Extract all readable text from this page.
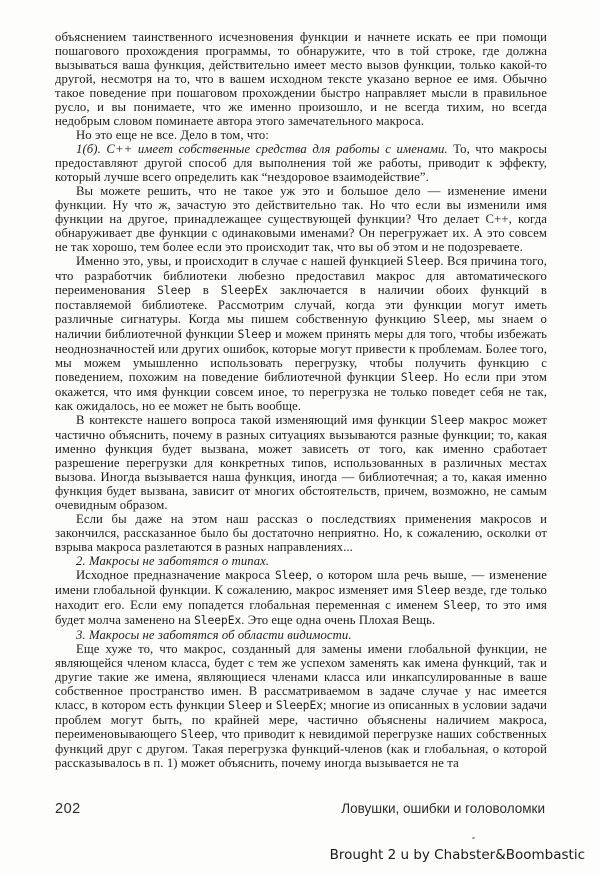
объяснением таинственного исчезновения функции и начнете искать ее при помощи пошагового прохождения программы, то обнаружите, что в той строке, где должна вызываться ваша функция, действительно имеет место вызов функции, только какой-то другой, несмотря на то, что в вашем исходном тексте указано верное ее имя. Обычно такое поведение при пошаговом прохождении быстро направляет мысли в правильное русло, и вы понимаете, что же именно произошло, и не всегда тихим, но всегда недобрым словом поминаете автора этого замечательного макроса.

Но это еще не все. Дело в том, что:

1(б). С++ имеет собственные средства для работы с именами. То, что макросы предоставляют другой способ для выполнения той же работы, приводит к эффекту, который лучше всего определить как “нездоровое взаимодействие”.

Вы можете решить, что не такое уж это и большое дело — изменение имени функции. Ну что ж, зачастую это действительно так. Но что если вы изменили имя функции на другое, принадлежащее существующей функции? Что делает С++, когда обнаруживает две функции с одинаковыми именами? Он перегружает их. А это совсем не так хорошо, тем более если это происходит так, что вы об этом и не подозреваете.

Именно это, увы, и происходит в случае с нашей функцией Sleep. Вся причина того, что разработчик библиотеки любезно предоставил макрос для автоматического переименования Sleep в SleepEx заключается в наличии обоих функций в поставляемой библиотеке. Рассмотрим случай, когда эти функции могут иметь различные сигнатуры. Когда мы пишем собственную функцию Sleep, мы знаем о наличии библиотечной функции Sleep и можем принять меры для того, чтобы избежать неоднозначностей или других ошибок, которые могут привести к проблемам. Более того, мы можем умышленно использовать перегрузку, чтобы получить функцию с поведением, похожим на поведение библиотечной функции Sleep. Но если при этом окажется, что имя функции совсем иное, то перегрузка не только поведет себя не так, как ожидалось, но ее может не быть вообще.

В контексте нашего вопроса такой изменяющий имя функции Sleep макрос может частично объяснить, почему в разных ситуациях вызываются разные функции; то, какая именно функция будет вызвана, может зависеть от того, как именно сработает разрешение перегрузки для конкретных типов, использованных в различных местах вызова. Иногда вызывается наша функция, иногда — библиотечная; а то, какая именно функция будет вызвана, зависит от многих обстоятельств, причем, возможно, не самым очевидным образом.

Если бы даже на этом наш рассказ о последствиях применения макросов и закончился, рассказанное было бы достаточно неприятно. Но, к сожалению, осколки от взрыва макроса разлетаются в разных направлениях...

2. Макросы не заботятся о типах.

Исходное предназначение макроса Sleep, о котором шла речь выше, — изменение имени глобальной функции. К сожалению, макрос изменяет имя Sleep везде, где только находит его. Если ему попадется глобальная переменная с именем Sleep, то это имя будет молча заменено на SleepEx. Это еще одна очень Плохая Вещь.

3. Макросы не заботятся об области видимости.

Еще хуже то, что макрос, созданный для замены имени глобальной функции, не являющейся членом класса, будет с тем же успехом заменять как имена функций, так и другие такие же имена, являющиеся членами класса или инкапсулированные в ваше собственное пространство имен. В рассматриваемом в задаче случае у нас имеется класс, в котором есть функции Sleep и SleepEx; многие из описанных в условии задачи проблем могут быть, по крайней мере, частично объяснены наличием макроса, переименовывающего Sleep, что приводит к невидимой перегрузке наших собственных функций друг с другом. Такая перегрузка функций-членов (как и глобальная, о которой рассказывалось в п. 1) может объяснить, почему иногда вызывается не та

202	Ловушки, ошибки и головоломки
Brought 2 u by Chabster&Boombastic
